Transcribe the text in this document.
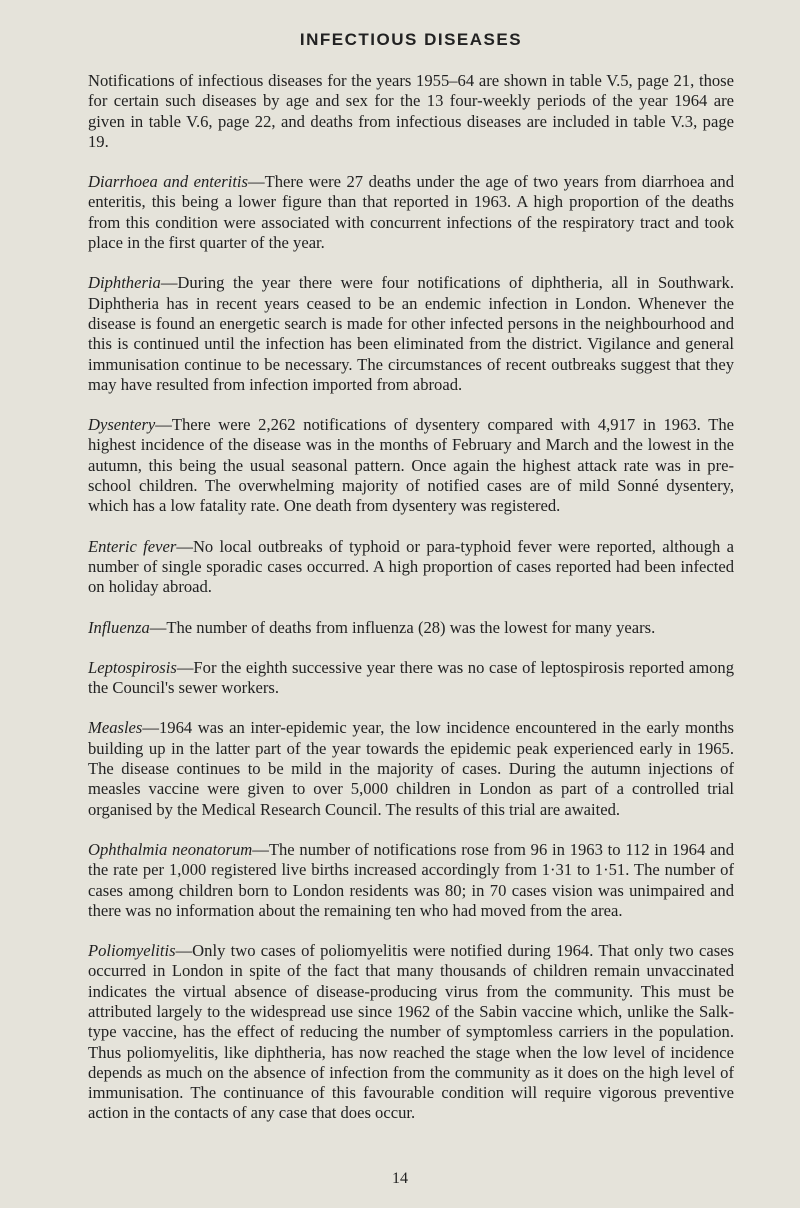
INFECTIOUS DISEASES

Notifications of infectious diseases for the years 1955–64 are shown in table V.5, page 21, those for certain such diseases by age and sex for the 13 four-weekly periods of the year 1964 are given in table V.6, page 22, and deaths from infectious diseases are included in table V.3, page 19.

Diarrhoea and enteritis—There were 27 deaths under the age of two years from diarrhoea and enteritis, this being a lower figure than that reported in 1963. A high proportion of the deaths from this condition were associated with concurrent infections of the respiratory tract and took place in the first quarter of the year.

Diphtheria—During the year there were four notifications of diphtheria, all in Southwark. Diphtheria has in recent years ceased to be an endemic infection in London. Whenever the disease is found an energetic search is made for other infected persons in the neighbourhood and this is continued until the infection has been eliminated from the district. Vigilance and general immunisation continue to be necessary. The circumstances of recent outbreaks suggest that they may have resulted from infection imported from abroad.

Dysentery—There were 2,262 notifications of dysentery compared with 4,917 in 1963. The highest incidence of the disease was in the months of February and March and the lowest in the autumn, this being the usual seasonal pattern. Once again the highest attack rate was in pre-school children. The overwhelming majority of notified cases are of mild Sonné dysentery, which has a low fatality rate. One death from dysentery was registered.

Enteric fever—No local outbreaks of typhoid or para-typhoid fever were reported, although a number of single sporadic cases occurred. A high proportion of cases reported had been infected on holiday abroad.

Influenza—The number of deaths from influenza (28) was the lowest for many years.

Leptospirosis—For the eighth successive year there was no case of leptospirosis reported among the Council's sewer workers.

Measles—1964 was an inter-epidemic year, the low incidence encountered in the early months building up in the latter part of the year towards the epidemic peak experienced early in 1965. The disease continues to be mild in the majority of cases. During the autumn injections of measles vaccine were given to over 5,000 children in London as part of a controlled trial organised by the Medical Research Council. The results of this trial are awaited.

Ophthalmia neonatorum—The number of notifications rose from 96 in 1963 to 112 in 1964 and the rate per 1,000 registered live births increased accordingly from 1·31 to 1·51. The number of cases among children born to London residents was 80; in 70 cases vision was unimpaired and there was no information about the remaining ten who had moved from the area.

Poliomyelitis—Only two cases of poliomyelitis were notified during 1964. That only two cases occurred in London in spite of the fact that many thousands of children remain unvaccinated indicates the virtual absence of disease-producing virus from the community. This must be attributed largely to the widespread use since 1962 of the Sabin vaccine which, unlike the Salk-type vaccine, has the effect of reducing the number of symptomless carriers in the population. Thus poliomyelitis, like diphtheria, has now reached the stage when the low level of incidence depends as much on the absence of infection from the community as it does on the high level of immunisation. The continuance of this favourable condition will require vigorous preventive action in the contacts of any case that does occur.

14
